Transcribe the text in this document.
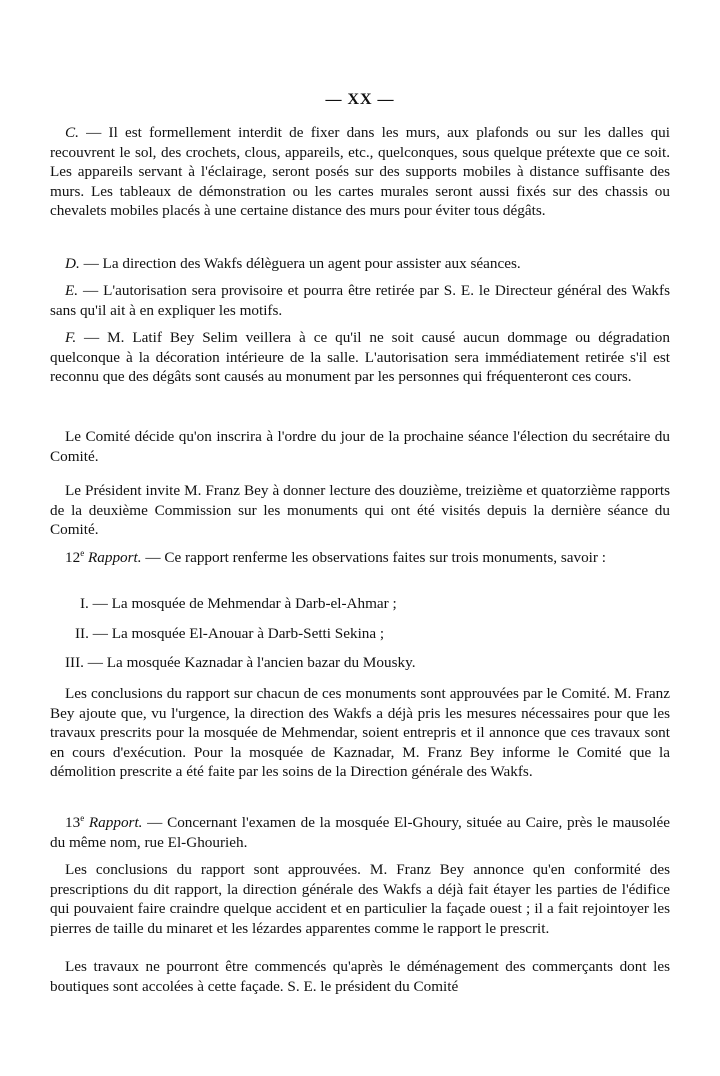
— XX —
C. — Il est formellement interdit de fixer dans les murs, aux plafonds ou sur les dalles qui recouvrent le sol, des crochets, clous, appareils, etc., quelconques, sous quelque prétexte que ce soit. Les appareils servant à l'éclairage, seront posés sur des supports mobiles à distance suffisante des murs. Les tableaux de démonstration ou les cartes murales seront aussi fixés sur des chassis ou chevalets mobiles placés à une certaine distance des murs pour éviter tous dégâts.
D. — La direction des Wakfs délèguera un agent pour assister aux séances.
E. — L'autorisation sera provisoire et pourra être retirée par S. E. le Directeur général des Wakfs sans qu'il ait à en expliquer les motifs.
F. — M. Latif Bey Selim veillera à ce qu'il ne soit causé aucun dommage ou dégradation quelconque à la décoration intérieure de la salle. L'autorisation sera immédiatement retirée s'il est reconnu que des dégâts sont causés au monument par les personnes qui fréquenteront ces cours.
Le Comité décide qu'on inscrira à l'ordre du jour de la prochaine séance l'élection du secrétaire du Comité.
Le Président invite M. Franz Bey à donner lecture des douzième, treizième et quatorzième rapports de la deuxième Commission sur les monuments qui ont été visités depuis la dernière séance du Comité.
12e Rapport. — Ce rapport renferme les observations faites sur trois monuments, savoir :
I. — La mosquée de Mehmendar à Darb-el-Ahmar ;
II. — La mosquée El-Anouar à Darb-Setti Sekina ;
III. — La mosquée Kaznadar à l'ancien bazar du Mousky.
Les conclusions du rapport sur chacun de ces monuments sont approuvées par le Comité. M. Franz Bey ajoute que, vu l'urgence, la direction des Wakfs a déjà pris les mesures nécessaires pour que les travaux prescrits pour la mosquée de Mehmendar, soient entrepris et il annonce que ces travaux sont en cours d'exécution. Pour la mosquée de Kaznadar, M. Franz Bey informe le Comité que la démolition prescrite a été faite par les soins de la Direction générale des Wakfs.
13e Rapport. — Concernant l'examen de la mosquée El-Ghoury, située au Caire, près le mausolée du même nom, rue El-Ghourieh.
Les conclusions du rapport sont approuvées. M. Franz Bey annonce qu'en conformité des prescriptions du dit rapport, la direction générale des Wakfs a déjà fait étayer les parties de l'édifice qui pouvaient faire craindre quelque accident et en particulier la façade ouest ; il a fait rejointoyer les pierres de taille du minaret et les lézardes apparentes comme le rapport le prescrit.
Les travaux ne pourront être commencés qu'après le déménagement des commerçants dont les boutiques sont accolées à cette façade. S. E. le président du Comité
